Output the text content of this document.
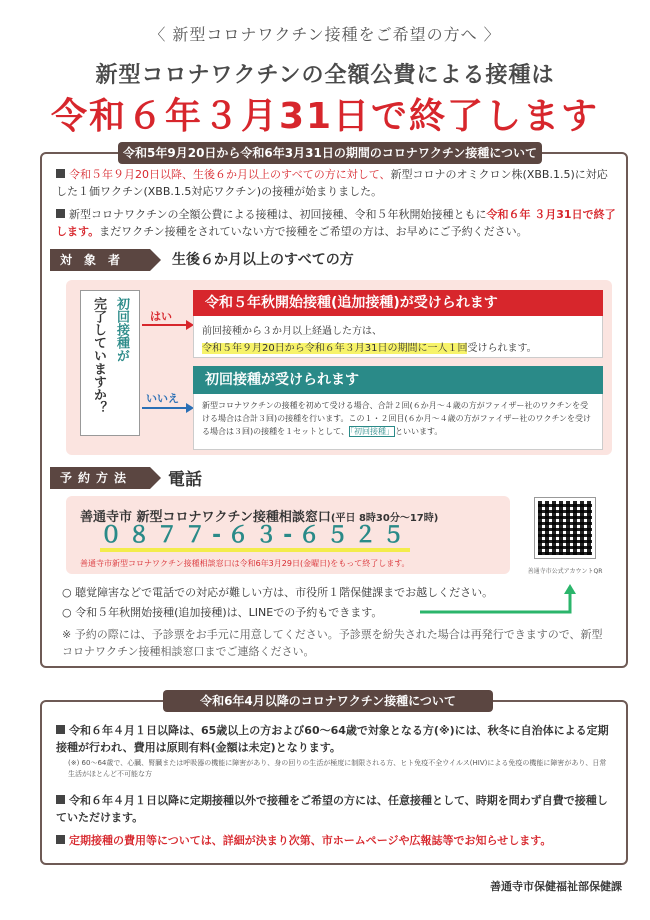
〈 新型コロナワクチン接種をご希望の方へ 〉
新型コロナワクチンの全額公費による接種は
令和６年３月31日で終了します
令和5年9月20日から令和6年3月31日の期間のコロナワクチン接種について
令和５年９月20日以降、生後６か月以上のすべての方に対して、新型コロナのオミクロン株(XBB.1.5)に対応した１価ワクチン(XBB.1.5対応ワクチン)の接種が始まりました。
新型コロナワクチンの全額公費による接種は、初回接種、令和５年秋開始接種ともに令和６年 ３月31日で終了します。まだワクチン接種をされていない方で接種をご希望の方は、お早めにご予約ください。
対象者	生後６か月以上のすべての方
初回接種が
完了していますか？	はい
いいえ
令和５年秋開始接種(追加接種)が受けられます
前回接種から３か月以上経過した方は、
令和５年９月20日から令和６年３月31日の期間に一人１回受けられます。
初回接種が受けられます
新型コロナワクチンの接種を初めて受ける場合、合計２回(６か月～４歳の方がファイザー社のワクチンを受ける場合は合計３回)の接種を行います。この１・２回目(６か月～４歳の方がファイザー社のワクチンを受ける場合は３回)の接種を１セットとして、「初回接種」といいます。
予約方法	電話
善通寺市 新型コロナワクチン接種相談窓口(平日 8時30分～17時)
０８７７-６３-６５２５
善通寺市新型コロナワクチン接種相談窓口は令和6年3月29日(金曜日)をもって終了します。
善通寺市公式アカウントQR
○ 聴覚障害などで電話での対応が難しい方は、市役所１階保健課までお越しください。
○ 令和５年秋開始接種(追加接種)は、LINEでの予約もできます。
※ 予約の際には、予診票をお手元に用意してください。予診票を紛失された場合は再発行できますので、新型コロナワクチン接種相談窓口までご連絡ください。
令和6年4月以降のコロナワクチン接種について
令和６年４月１日以降は、65歳以上の方および60～64歳で対象となる方(※)には、秋冬に自治体による定期接種が行われ、費用は原則有料(金額は未定)となります。
(※) 60～64歳で、心臓、腎臓または呼吸器の機能に障害があり、身の回りの生活が極度に制限される方、ヒト免疫不全ウイルス(HIV)による免疫の機能に障害があり、日常生活がほとんど不可能な方
令和６年４月１日以降に定期接種以外で接種をご希望の方には、任意接種として、時期を問わず自費で接種していただけます。
定期接種の費用等については、詳細が決まり次第、市ホームページや広報誌等でお知らせします。
善通寺市保健福祉部保健課
